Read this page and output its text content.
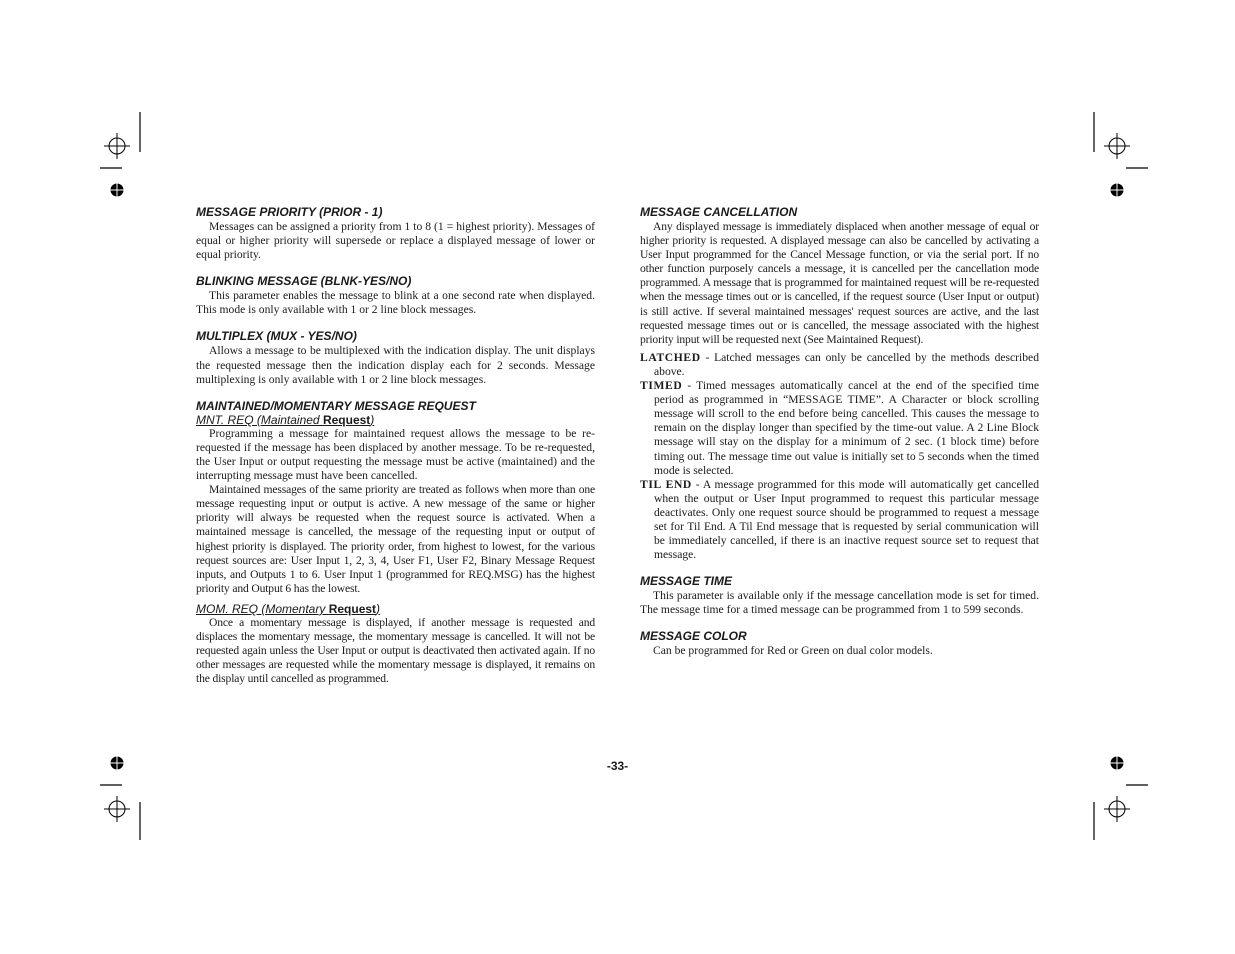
MESSAGE PRIORITY (PRIOR - 1)

Messages can be assigned a priority from 1 to 8 (1 = highest priority). Messages of equal or higher priority will supersede or replace a displayed message of lower or equal priority.

BLINKING MESSAGE (BLNK-YES/NO)

This parameter enables the message to blink at a one second rate when displayed. This mode is only available with 1 or 2 line block messages.

MULTIPLEX (MUX - YES/NO)

Allows a message to be multiplexed with the indication display. The unit displays the requested message then the indication display each for 2 seconds. Message multiplexing is only available with 1 or 2 line block messages.

MAINTAINED/MOMENTARY MESSAGE REQUEST
MNT. REQ (Maintained Request)

Programming a message for maintained request allows the message to be re-requested if the message has been displaced by another message. To be re-requested, the User Input or output requesting the message must be active (maintained) and the interrupting message must have been cancelled.

Maintained messages of the same priority are treated as follows when more than one message requesting input or output is active. A new message of the same or higher priority will always be requested when the request source is activated. When a maintained message is cancelled, the message of the requesting input or output of highest priority is displayed. The priority order, from highest to lowest, for the various request sources are: User Input 1, 2, 3, 4, User F1, User F2, Binary Message Request inputs, and Outputs 1 to 6. User Input 1 (programmed for REQ.MSG) has the highest priority and Output 6 has the lowest.

MOM. REQ (Momentary Request)

Once a momentary message is displayed, if another message is requested and displaces the momentary message, the momentary message is cancelled. It will not be requested again unless the User Input or output is deactivated then activated again. If no other messages are requested while the momentary message is displayed, it remains on the display until cancelled as programmed.

MESSAGE CANCELLATION

Any displayed message is immediately displaced when another message of equal or higher priority is requested. A displayed message can also be cancelled by activating a User Input programmed for the Cancel Message function, or via the serial port. If no other function purposely cancels a message, it is cancelled per the cancellation mode programmed. A message that is programmed for maintained request will be re-requested when the message times out or is cancelled, if the request source (User Input or output) is still active. If several maintained messages' request sources are active, and the last requested message times out or is cancelled, the message associated with the highest priority input will be requested next (See Maintained Request).

LATCHED - Latched messages can only be cancelled by the methods described above.

TIMED - Timed messages automatically cancel at the end of the specified time period as programmed in “MESSAGE TIME”. A Character or block scrolling message will scroll to the end before being cancelled. This causes the message to remain on the display longer than specified by the time-out value. A 2 Line Block message will stay on the display for a minimum of 2 sec. (1 block time) before timing out. The message time out value is initially set to 5 seconds when the timed mode is selected.

TIL END - A message programmed for this mode will automatically get cancelled when the output or User Input programmed to request this particular message deactivates. Only one request source should be programmed to request a message set for Til End. A Til End message that is requested by serial communication will be immediately cancelled, if there is an inactive request source set to request that message.

MESSAGE TIME

This parameter is available only if the message cancellation mode is set for timed. The message time for a timed message can be programmed from 1 to 599 seconds.

MESSAGE COLOR

Can be programmed for Red or Green on dual color models.

-33-
